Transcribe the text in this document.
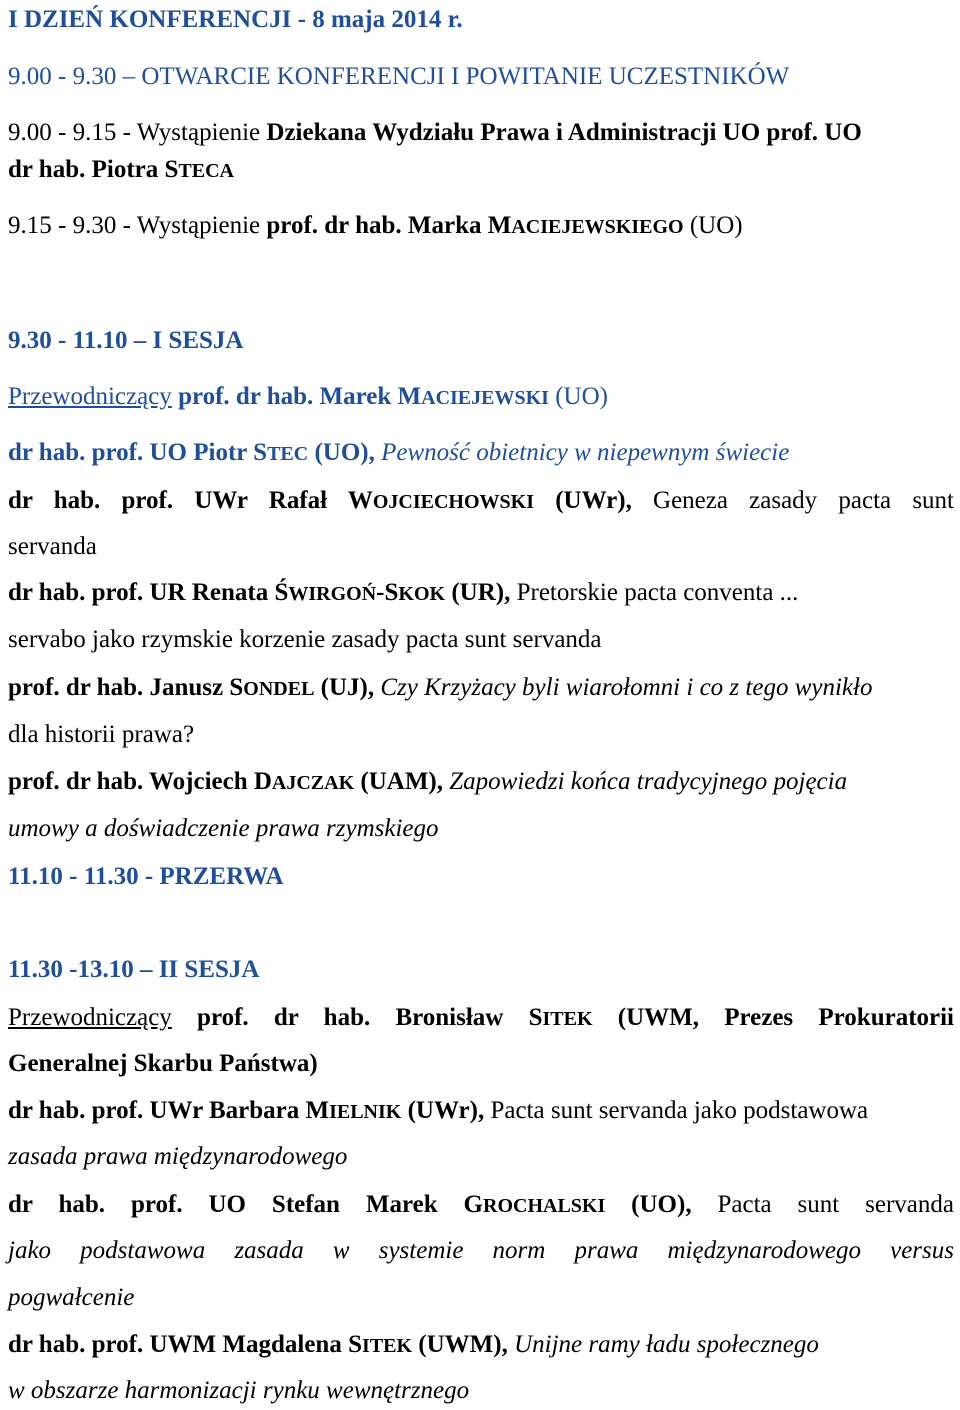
I DZIEŃ KONFERENCJI - 8 maja 2014 r.

9.00 - 9.30 – OTWARCIE KONFERENCJI I POWITANIE UCZESTNIKÓW

9.00 - 9.15 - Wystąpienie Dziekana Wydziału Prawa i Administracji UO prof. UO

dr hab. Piotra STECA

9.15 - 9.30 - Wystąpienie prof. dr hab. Marka MACIEJEWSKIEGO (UO)

9.30 - 11.10 – I SESJA

Przewodniczący prof. dr hab. Marek MACIEJEWSKI (UO)

dr hab. prof. UO Piotr STEC (UO), Pewność obietnicy w niepewnym świecie

dr hab. prof. UWr Rafał WOJCIECHOWSKI (UWr), Geneza zasady pacta sunt

servanda

dr hab. prof. UR Renata ŚWIRGOŃ-SKOK (UR), Pretorskie pacta conventa ...

servabo jako rzymskie korzenie zasady pacta sunt servanda

prof. dr hab. Janusz SONDEL (UJ), Czy Krzyżacy byli wiarołomni i co z tego wynikło

dla historii prawa?

prof. dr hab. Wojciech DAJCZAK (UAM), Zapowiedzi końca tradycyjnego pojęcia

umowy a doświadczenie prawa rzymskiego

11.10 - 11.30 - PRZERWA

11.30 -13.10 – II SESJA

Przewodniczący prof. dr hab. Bronisław SITEK (UWM, Prezes Prokuratorii

Generalnej Skarbu Państwa)

dr hab. prof. UWr Barbara MIELNIK (UWr), Pacta sunt servanda jako podstawowa

zasada prawa międzynarodowego

dr hab. prof. UO Stefan Marek GROCHALSKI (UO), Pacta sunt servanda

jako podstawowa zasada w systemie norm prawa międzynarodowego versus

pogwałcenie

dr hab. prof. UWM Magdalena SITEK (UWM), Unijne ramy ładu społecznego

w obszarze harmonizacji rynku wewnętrznego
